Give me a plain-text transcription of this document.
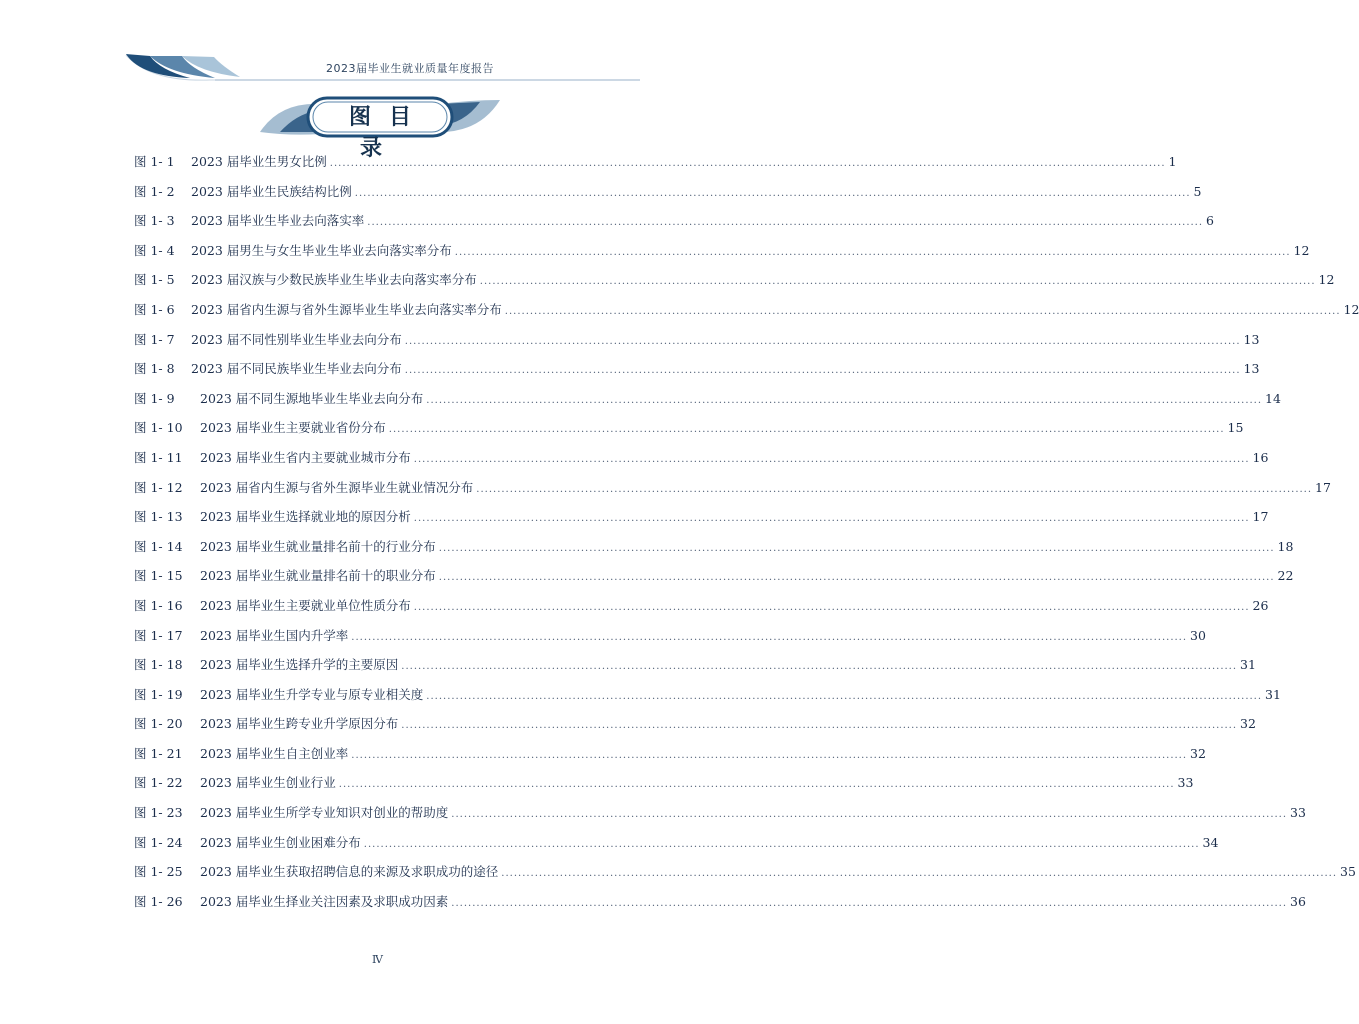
2023届毕业生就业质量年度报告
图目录
图 1- 1	2023 届毕业生男女比例 ........................................................................................................................................................................................................ 1
图 1- 2	2023 届毕业生民族结构比例 ........................................................................................................................................................................................................ 5
图 1- 3	2023 届毕业生毕业去向落实率 ........................................................................................................................................................................................................ 6
图 1- 4	2023 届男生与女生毕业生毕业去向落实率分布 ........................................................................................................................................................................................................ 12
图 1- 5	2023 届汉族与少数民族毕业生毕业去向落实率分布 ........................................................................................................................................................................................................ 12
图 1- 6	2023 届省内生源与省外生源毕业生毕业去向落实率分布 ........................................................................................................................................................................................................ 12
图 1- 7	2023 届不同性别毕业生毕业去向分布 ........................................................................................................................................................................................................ 13
图 1- 8	2023 届不同民族毕业生毕业去向分布 ........................................................................................................................................................................................................ 13
图 1- 9	2023 届不同生源地毕业生毕业去向分布 ........................................................................................................................................................................................................ 14
图 1- 10	2023 届毕业生主要就业省份分布 ........................................................................................................................................................................................................ 15
图 1- 11	2023 届毕业生省内主要就业城市分布 ........................................................................................................................................................................................................ 16
图 1- 12	2023 届省内生源与省外生源毕业生就业情况分布 ........................................................................................................................................................................................................ 17
图 1- 13	2023 届毕业生选择就业地的原因分析 ........................................................................................................................................................................................................ 17
图 1- 14	2023 届毕业生就业量排名前十的行业分布 ........................................................................................................................................................................................................ 18
图 1- 15	2023 届毕业生就业量排名前十的职业分布 ........................................................................................................................................................................................................ 22
图 1- 16	2023 届毕业生主要就业单位性质分布 ........................................................................................................................................................................................................ 26
图 1- 17	2023 届毕业生国内升学率 ........................................................................................................................................................................................................ 30
图 1- 18	2023 届毕业生选择升学的主要原因 ........................................................................................................................................................................................................ 31
图 1- 19	2023 届毕业生升学专业与原专业相关度 ........................................................................................................................................................................................................ 31
图 1- 20	2023 届毕业生跨专业升学原因分布 ........................................................................................................................................................................................................ 32
图 1- 21	2023 届毕业生自主创业率 ........................................................................................................................................................................................................ 32
图 1- 22	2023 届毕业生创业行业 ........................................................................................................................................................................................................ 33
图 1- 23	2023 届毕业生所学专业知识对创业的帮助度 ........................................................................................................................................................................................................ 33
图 1- 24	2023 届毕业生创业困难分布 ........................................................................................................................................................................................................ 34
图 1- 25	2023 届毕业生获取招聘信息的来源及求职成功的途径 ........................................................................................................................................................................................................ 35
图 1- 26	2023 届毕业生择业关注因素及求职成功因素 ........................................................................................................................................................................................................ 36
Ⅳ
